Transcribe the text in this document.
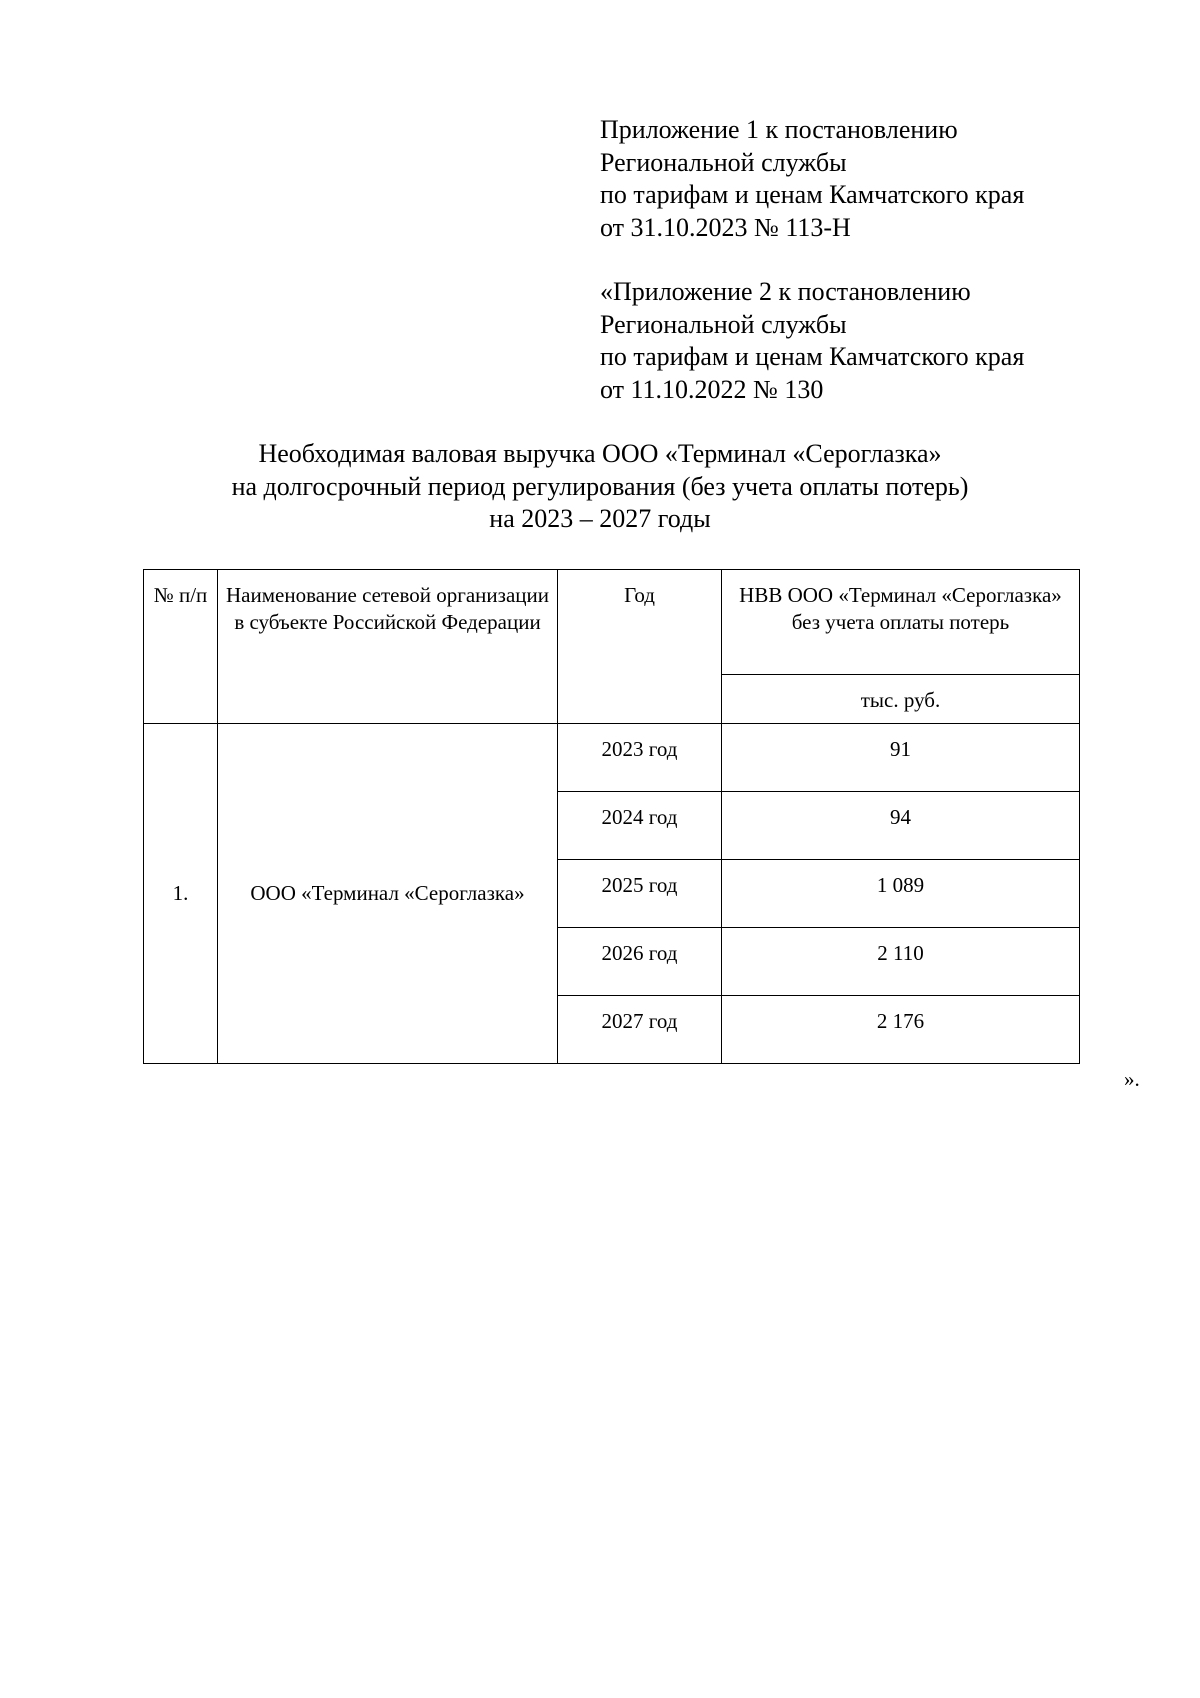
Приложение 1 к постановлению
Региональной службы
по тарифам и ценам Камчатского края
от 31.10.2023 № 113-Н
«Приложение 2 к постановлению
Региональной службы
по тарифам и ценам Камчатского края
от 11.10.2022 № 130
Необходимая валовая выручка ООО «Терминал «Сероглазка»
на долгосрочный период регулирования (без учета оплаты потерь)
на 2023 – 2027 годы
№ п/п	Наименование сетевой организации в субъекте Российской Федерации	Год	НВВ ООО «Терминал «Сероглазка» без учета оплаты потерь
			тыс. руб.
1.	ООО «Терминал «Сероглазка»	2023 год	91
		2024 год	94
		2025 год	1 089
		2026 год	2 110
		2027 год	2 176
».
